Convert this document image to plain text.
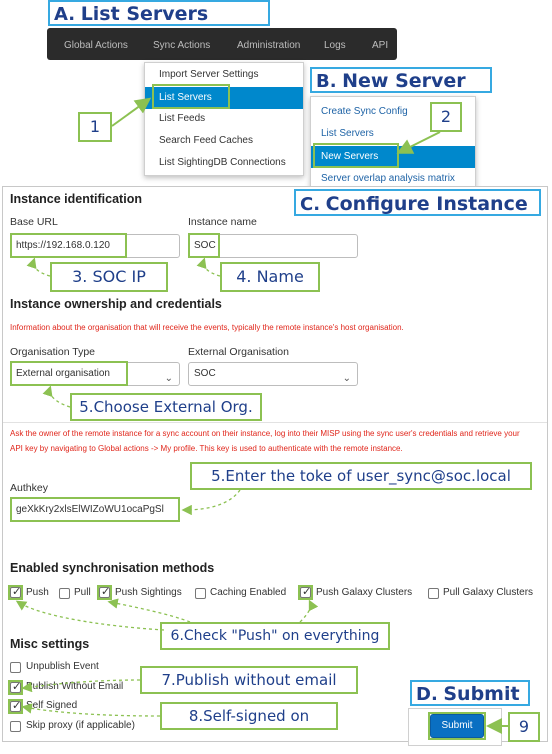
A. List Servers
Global Actions	Sync Actions	Administration Logs	API
Import Server Settings
List Servers
List Feeds
Search Feed Caches
List SightingDB Connections
1
B. New Server
Create Sync Config
List Servers
New Servers
Server overlap analysis matrix
2
C. Configure Instance
Instance identification
Base URL
https://192.168.0.120
Instance name
SOC
3. SOC IP	4. Name
Instance ownership and credentials
Information about the organisation that will receive the events, typically the remote instance's host organisation.
Organisation Type
External organisation	⌄
External Organisation
SOC	⌄
5.Choose External Org.
Ask the owner of the remote instance for a sync account on their instance, log into their MISP using the sync user's credentials and retrieve your API key by navigating to Global actions -> My profile. This key is used to authenticate with the remote instance.
5.Enter the toke of user_sync@soc.local
Authkey
geXkKry2xlsElWIZoWU1ocaPgSl
Enabled synchronisation methods
✓
Push	Pull ✓ Push Sightings	Caching Enabled ✓	Push Galaxy Clusters	Pull Galaxy Clusters
6.Check "Push" on everything
Misc settings
Unpublish Event
✓
Publish Without Email
✓
Self Signed
Skip proxy (if applicable)
7.Publish without email
8.Self-signed on
D. Submit
Submit	9
